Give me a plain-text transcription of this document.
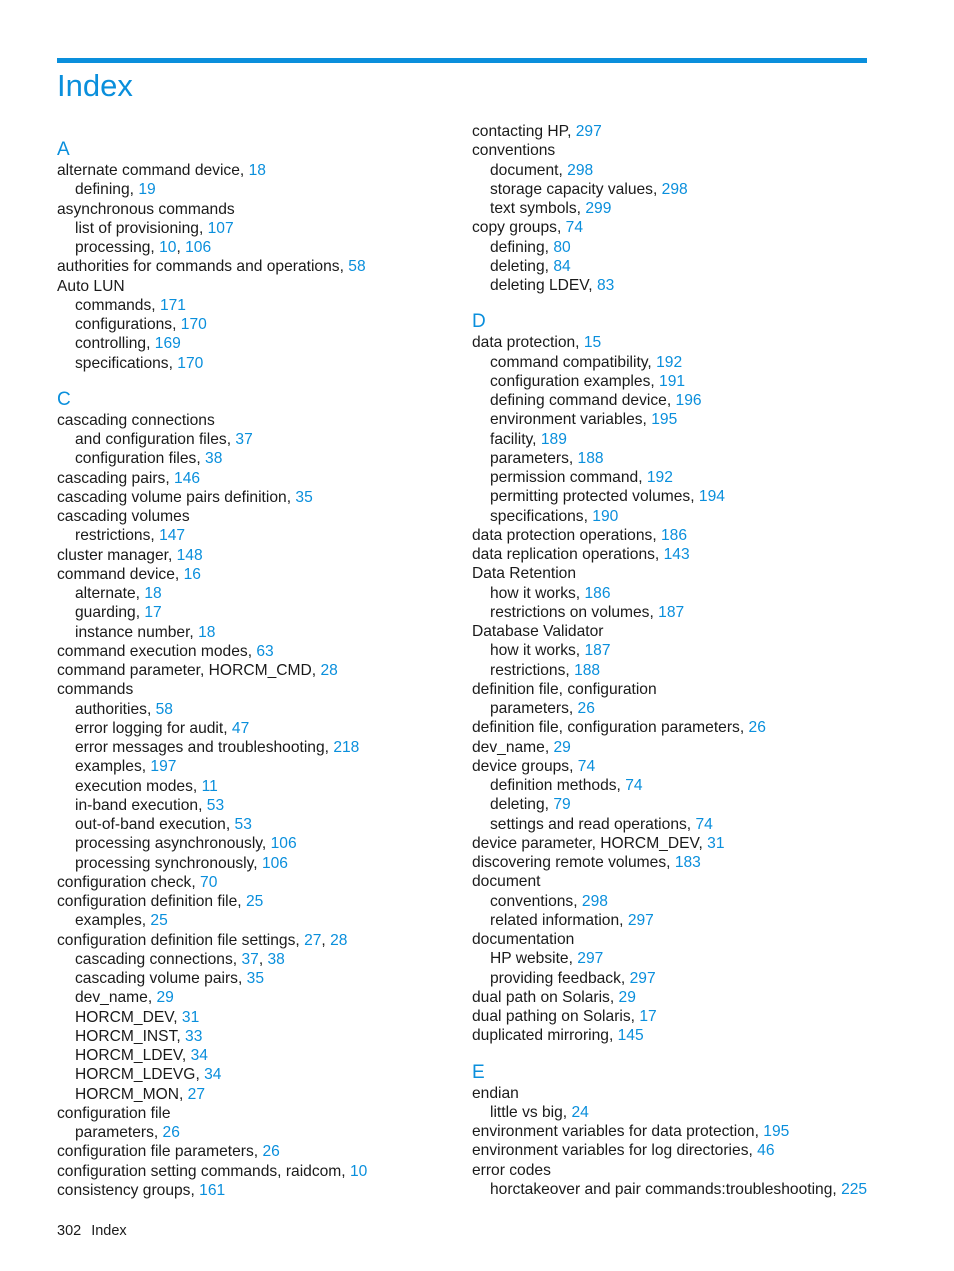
Index
A
alternate command device, 18
defining, 19
asynchronous commands
list of provisioning, 107
processing, 10, 106
authorities for commands and operations, 58
Auto LUN
commands, 171
configurations, 170
controlling, 169
specifications, 170
C
cascading connections
and configuration files, 37
configuration files, 38
cascading pairs, 146
cascading volume pairs definition, 35
cascading volumes
restrictions, 147
cluster manager, 148
command device, 16
alternate, 18
guarding, 17
instance number, 18
command execution modes, 63
command parameter, HORCM_CMD, 28
commands
authorities, 58
error logging for audit, 47
error messages and troubleshooting, 218
examples, 197
execution modes, 11
in-band execution, 53
out-of-band execution, 53
processing asynchronously, 106
processing synchronously, 106
configuration check, 70
configuration definition file, 25
examples, 25
configuration definition file settings, 27, 28
cascading connections, 37, 38
cascading volume pairs, 35
dev_name, 29
HORCM_DEV, 31
HORCM_INST, 33
HORCM_LDEV, 34
HORCM_LDEVG, 34
HORCM_MON, 27
configuration file
parameters, 26
configuration file parameters, 26
configuration setting commands, raidcom, 10
consistency groups, 161
contacting HP, 297
conventions
document, 298
storage capacity values, 298
text symbols, 299
copy groups, 74
defining, 80
deleting, 84
deleting LDEV, 83
D
data protection, 15
command compatibility, 192
configuration examples, 191
defining command device, 196
environment variables, 195
facility, 189
parameters, 188
permission command, 192
permitting protected volumes, 194
specifications, 190
data protection operations, 186
data replication operations, 143
Data Retention
how it works, 186
restrictions on volumes, 187
Database Validator
how it works, 187
restrictions, 188
definition file, configuration
parameters, 26
definition file, configuration parameters, 26
dev_name, 29
device groups, 74
definition methods, 74
deleting, 79
settings and read operations, 74
device parameter, HORCM_DEV, 31
discovering remote volumes, 183
document
conventions, 298
related information, 297
documentation
HP website, 297
providing feedback, 297
dual path on Solaris, 29
dual pathing on Solaris, 17
duplicated mirroring, 145
E
endian
little vs big, 24
environment variables for data protection, 195
environment variables for log directories, 46
error codes
horctakeover and pair commands:troubleshooting, 225
302 Index
